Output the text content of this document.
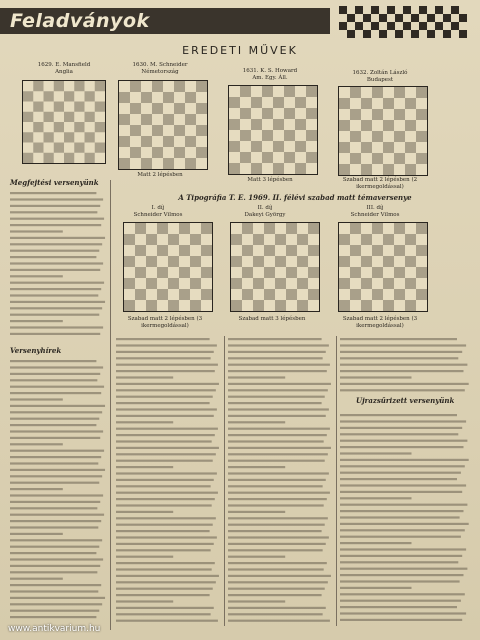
Feladványok
EREDETI MŰVEK
1629. E. Mansfield
Anglia
1630. M. Schneider
Németország	1631. K. S. Howard
Am. Egy. Áll.
1632. Zoltán László
Budapest
Matt 2 lépésben
Matt 3 lépésben	Szabad matt 2 lépésben (2 ikermegoldással)
Megfejtési versenyünk
A Tipográfia T. E. 1969. II. félévi szabad matt témaversenye
I. díj
Schneider Vilmos
II. díj
Dakeyi György
III. díj
Schneider Vilmos
Szabad matt 2 lépésben (3 ikermegoldással)
Szabad matt 3 lépésben	Szabad matt 2 lépésben (3 ikermegoldással)
Versenyhírek
Ujrazsűrizett versenyünk
www.antikvarium.hu
